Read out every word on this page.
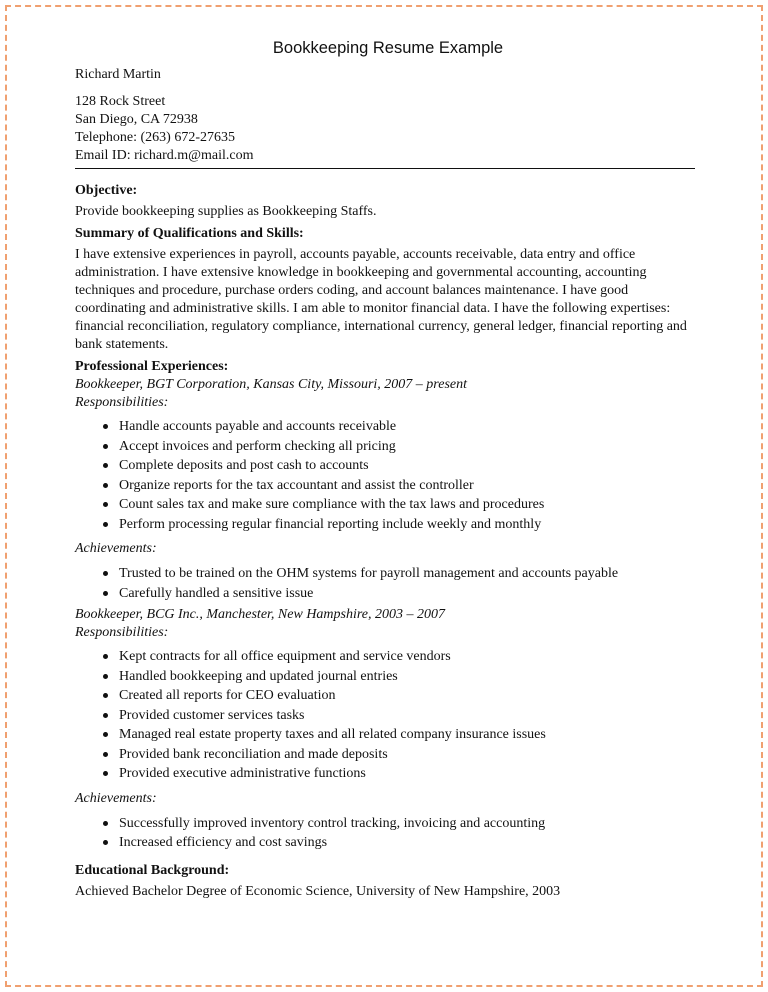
Bookkeeping Resume Example
Richard Martin
128 Rock Street
San Diego, CA 72938
Telephone: (263) 672-27635
Email ID: richard.m@mail.com
Objective:
Provide bookkeeping supplies as Bookkeeping Staffs.
Summary of Qualifications and Skills:
I have extensive experiences in payroll, accounts payable, accounts receivable, data entry and office administration. I have extensive knowledge in bookkeeping and governmental accounting, accounting techniques and procedure, purchase orders coding, and account balances maintenance. I have good coordinating and administrative skills. I am able to monitor financial data. I have the following expertises: financial reconciliation, regulatory compliance, international currency, general ledger, financial reporting and bank statements.
Professional Experiences:
Bookkeeper, BGT Corporation, Kansas City, Missouri, 2007 – present
Responsibilities:
Handle accounts payable and accounts receivable
Accept invoices and perform checking all pricing
Complete deposits and post cash to accounts
Organize reports for the tax accountant and assist the controller
Count sales tax and make sure compliance with the tax laws and procedures
Perform processing regular financial reporting include weekly and monthly
Achievements:
Trusted to be trained on the OHM systems for payroll management and accounts payable
Carefully handled a sensitive issue
Bookkeeper, BCG Inc., Manchester, New Hampshire, 2003 – 2007
Responsibilities:
Kept contracts for all office equipment and service vendors
Handled bookkeeping and updated journal entries
Created all reports for CEO evaluation
Provided customer services tasks
Managed real estate property taxes and all related company insurance issues
Provided bank reconciliation and made deposits
Provided executive administrative functions
Achievements:
Successfully improved inventory control tracking, invoicing and accounting
Increased efficiency and cost savings
Educational Background:
Achieved Bachelor Degree of Economic Science, University of New Hampshire, 2003
